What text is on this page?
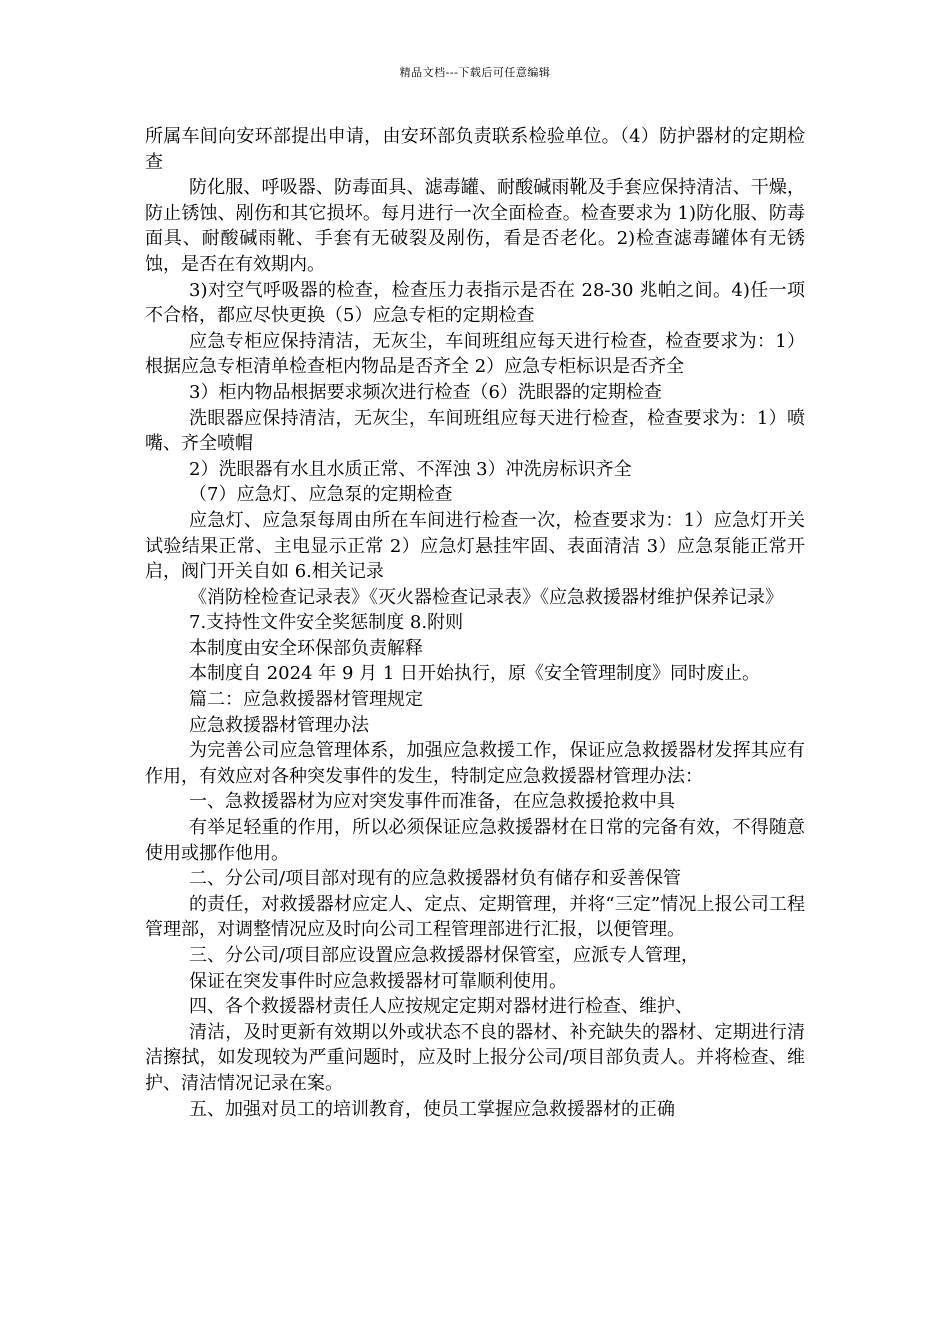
精品文档---下载后可任意编辑

所属车间向安环部提出申请，由安环部负责联系检验单位。（4）防护器材的定期检查

防化服、呼吸器、防毒面具、滤毒罐、耐酸碱雨靴及手套应保持清洁、干燥，防止锈蚀、剐伤和其它损坏。每月进行一次全面检查。检查要求为 1)防化服、防毒面具、耐酸碱雨靴、手套有无破裂及剐伤，看是否老化。2)检查滤毒罐体有无锈蚀，是否在有效期内。

3)对空气呼吸器的检查，检查压力表指示是否在 28-30 兆帕之间。4)任一项不合格，都应尽快更换（5）应急专柜的定期检查

应急专柜应保持清洁，无灰尘，车间班组应每天进行检查，检查要求为：1）根据应急专柜清单检查柜内物品是否齐全 2）应急专柜标识是否齐全

3）柜内物品根据要求频次进行检查（6）洗眼器的定期检查

洗眼器应保持清洁，无灰尘，车间班组应每天进行检查，检查要求为：1）喷嘴、齐全喷帽

2）洗眼器有水且水质正常、不浑浊 3）冲洗房标识齐全

（7）应急灯、应急泵的定期检查

应急灯、应急泵每周由所在车间进行检查一次，检查要求为：1）应急灯开关试验结果正常、主电显示正常 2）应急灯悬挂牢固、表面清洁 3）应急泵能正常开启，阀门开关自如 6.相关记录

《消防栓检查记录表》《灭火器检查记录表》《应急救援器材维护保养记录》

7.支持性文件安全奖惩制度 8.附则

本制度由安全环保部负责解释

本制度自 2024 年 9 月 1 日开始执行，原《安全管理制度》同时废止。

篇二：应急救援器材管理规定

应急救援器材管理办法

为完善公司应急管理体系，加强应急救援工作，保证应急救援器材发挥其应有作用，有效应对各种突发事件的发生，特制定应急救援器材管理办法：

一、急救援器材为应对突发事件而准备，在应急救援抢救中具

有举足轻重的作用，所以必须保证应急救援器材在日常的完备有效，不得随意使用或挪作他用。

二、分公司/项目部对现有的应急救援器材负有储存和妥善保管

的责任，对救援器材应定人、定点、定期管理，并将“三定”情况上报公司工程管理部，对调整情况应及时向公司工程管理部进行汇报，以便管理。

三、分公司/项目部应设置应急救援器材保管室，应派专人管理，

保证在突发事件时应急救援器材可靠顺利使用。

四、各个救援器材责任人应按规定定期对器材进行检查、维护、

清洁，及时更新有效期以外或状态不良的器材、补充缺失的器材、定期进行清洁擦拭，如发现较为严重问题时，应及时上报分公司/项目部负责人。并将检查、维护、清洁情况记录在案。

五、加强对员工的培训教育，使员工掌握应急救援器材的正确
